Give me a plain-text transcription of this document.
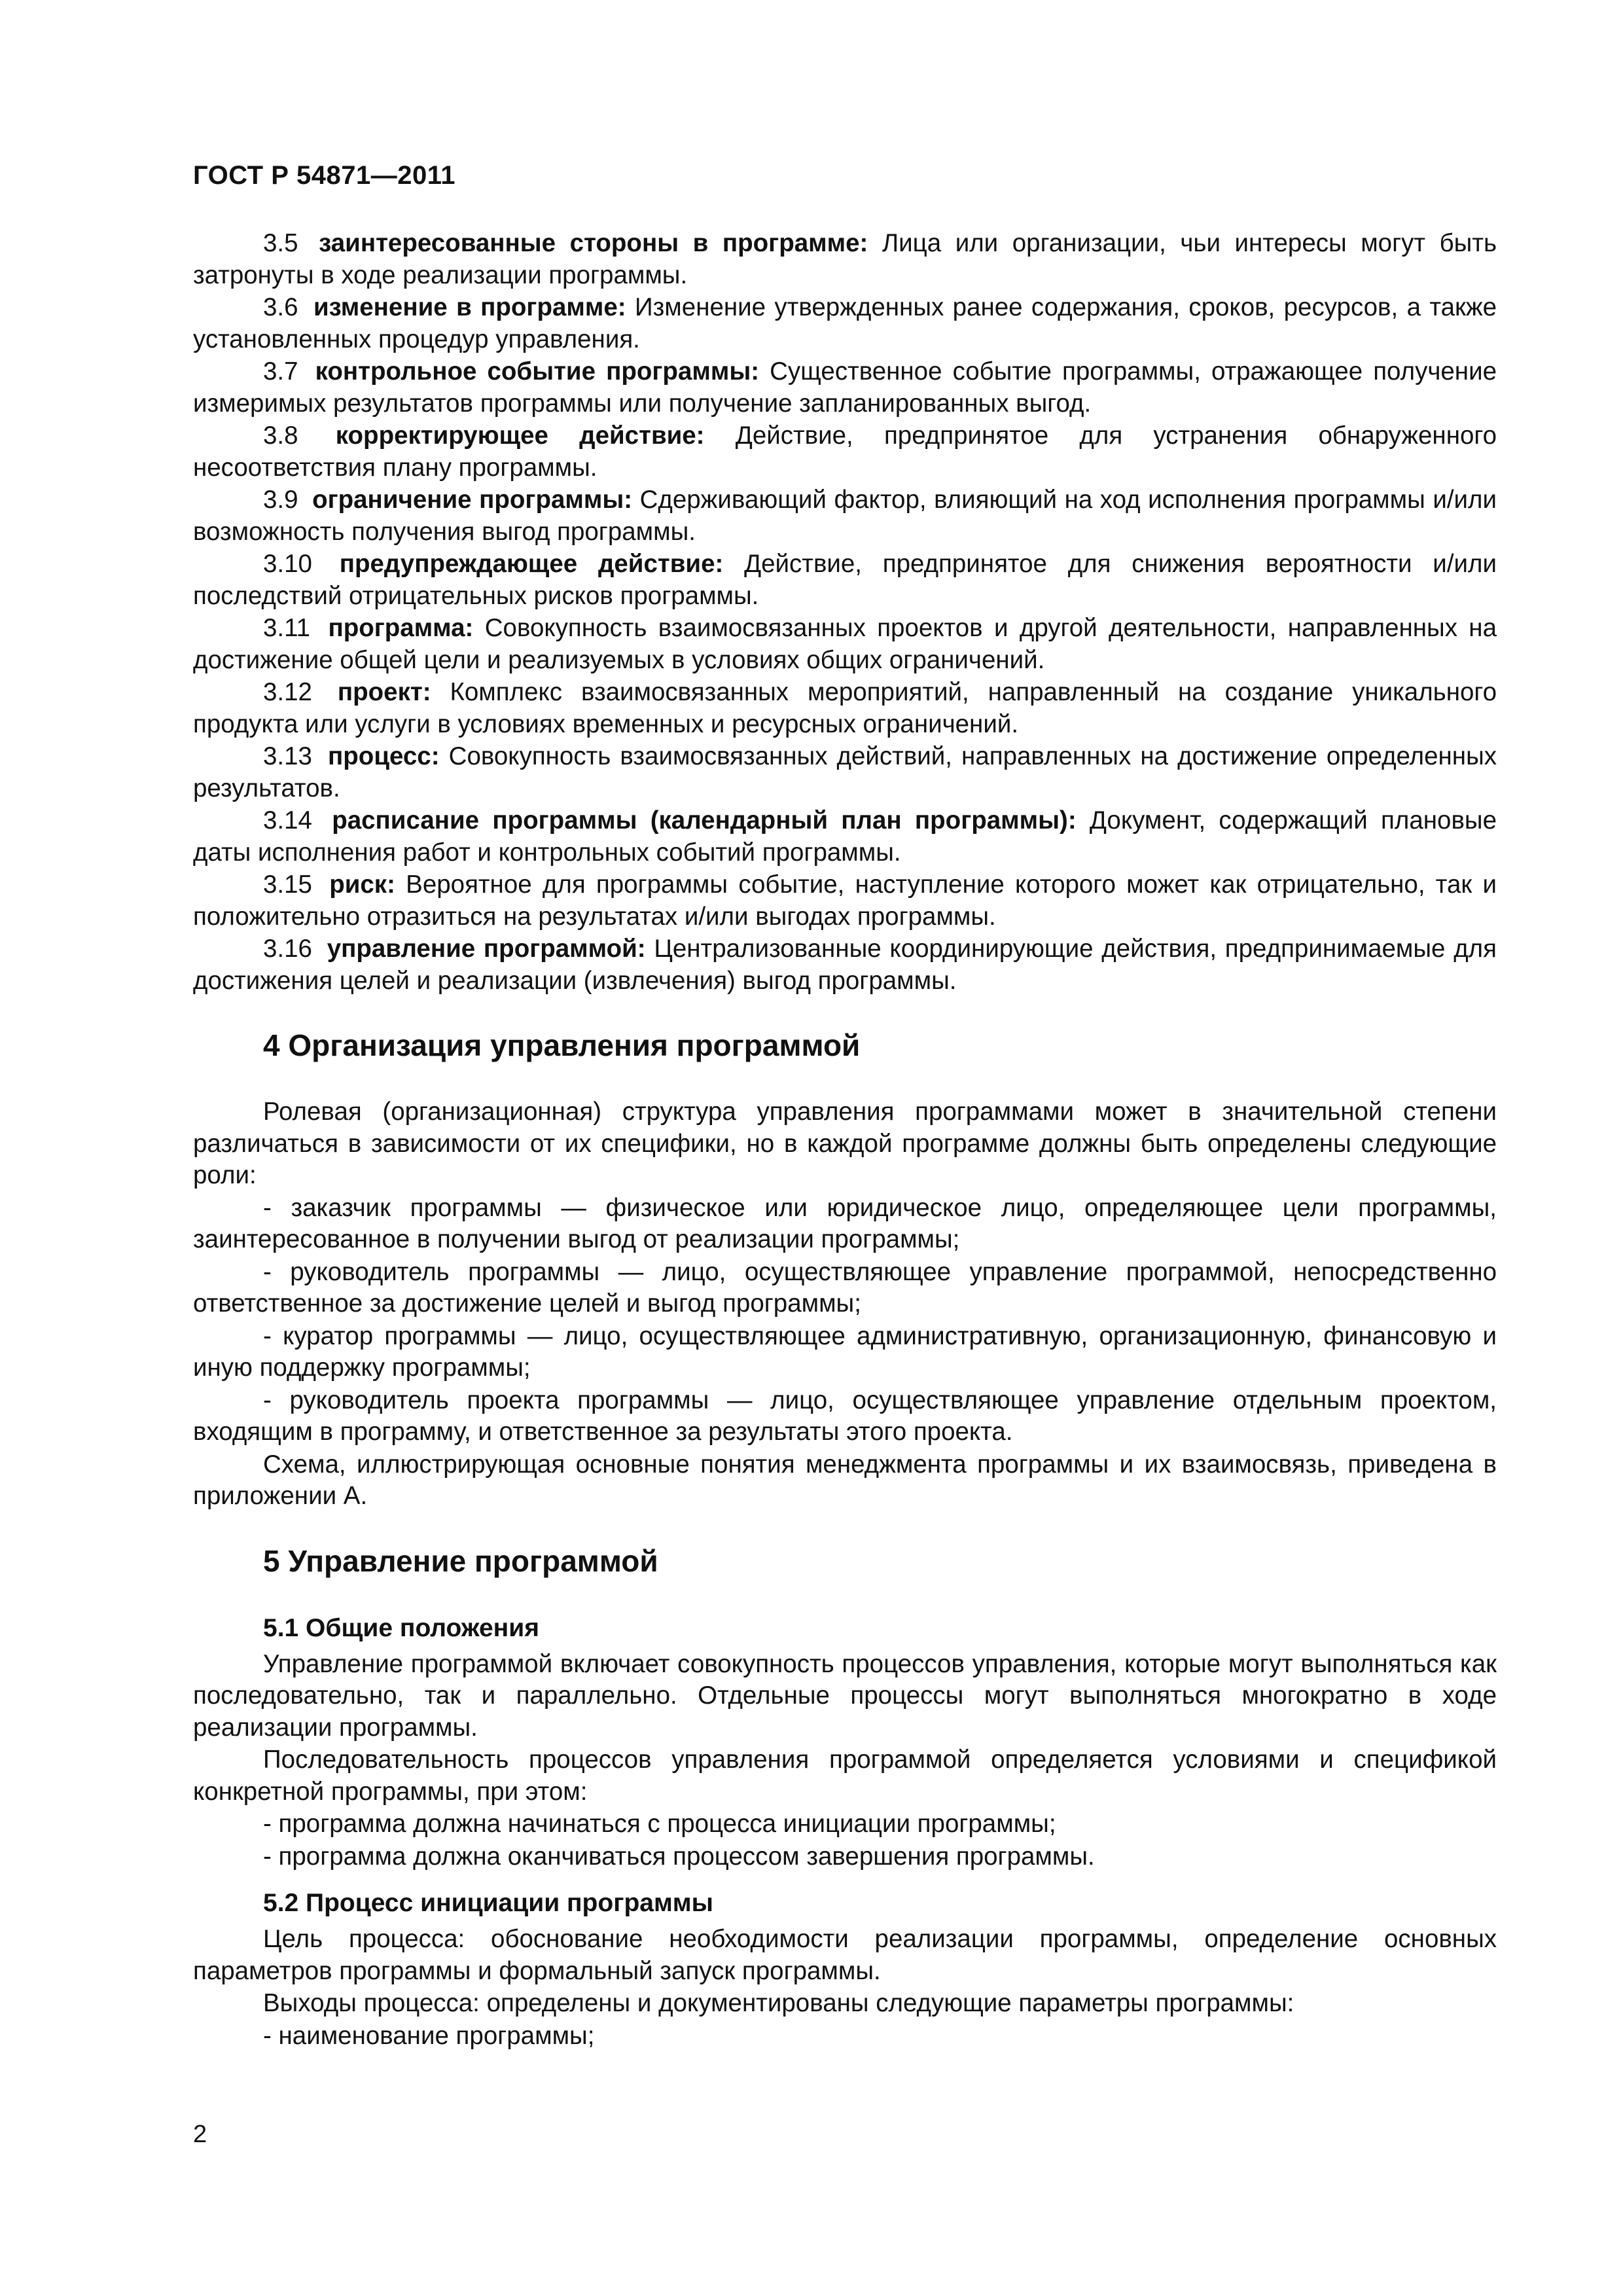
ГОСТ Р 54871—2011

3.5 заинтересованные стороны в программе: Лица или организации, чьи интересы могут быть затронуты в ходе реализации программы.

3.6 изменение в программе: Изменение утвержденных ранее содержания, сроков, ресурсов, а также установленных процедур управления.

3.7 контрольное событие программы: Существенное событие программы, отражающее получение измеримых результатов программы или получение запланированных выгод.

3.8 корректирующее действие: Действие, предпринятое для устранения обнаруженного несоответствия плану программы.

3.9 ограничение программы: Сдерживающий фактор, влияющий на ход исполнения программы и/или возможность получения выгод программы.

3.10 предупреждающее действие: Действие, предпринятое для снижения вероятности и/или последствий отрицательных рисков программы.

3.11 программа: Совокупность взаимосвязанных проектов и другой деятельности, направленных на достижение общей цели и реализуемых в условиях общих ограничений.

3.12 проект: Комплекс взаимосвязанных мероприятий, направленный на создание уникального продукта или услуги в условиях временных и ресурсных ограничений.

3.13 процесс: Совокупность взаимосвязанных действий, направленных на достижение определенных результатов.

3.14 расписание программы (календарный план программы): Документ, содержащий плановые даты исполнения работ и контрольных событий программы.

3.15 риск: Вероятное для программы событие, наступление которого может как отрицательно, так и положительно отразиться на результатах и/или выгодах программы.

3.16 управление программой: Централизованные координирующие действия, предпринимаемые для достижения целей и реализации (извлечения) выгод программы.

4 Организация управления программой

Ролевая (организационная) структура управления программами может в значительной степени различаться в зависимости от их специфики, но в каждой программе должны быть определены следующие роли:

- заказчик программы — физическое или юридическое лицо, определяющее цели программы, заинтересованное в получении выгод от реализации программы;

- руководитель программы — лицо, осуществляющее управление программой, непосредственно ответственное за достижение целей и выгод программы;

- куратор программы — лицо, осуществляющее административную, организационную, финансовую и иную поддержку программы;

- руководитель проекта программы — лицо, осуществляющее управление отдельным проектом, входящим в программу, и ответственное за результаты этого проекта.

Схема, иллюстрирующая основные понятия менеджмента программы и их взаимосвязь, приведена в приложении А.

5 Управление программой
5.1 Общие положения

Управление программой включает совокупность процессов управления, которые могут выполняться как последовательно, так и параллельно. Отдельные процессы могут выполняться многократно в ходе реализации программы.

Последовательность процессов управления программой определяется условиями и спецификой конкретной программы, при этом:

- программа должна начинаться с процесса инициации программы;

- программа должна оканчиваться процессом завершения программы.

5.2 Процесс инициации программы

Цель процесса: обоснование необходимости реализации программы, определение основных параметров программы и формальный запуск программы.

Выходы процесса: определены и документированы следующие параметры программы:

- наименование программы;

2
